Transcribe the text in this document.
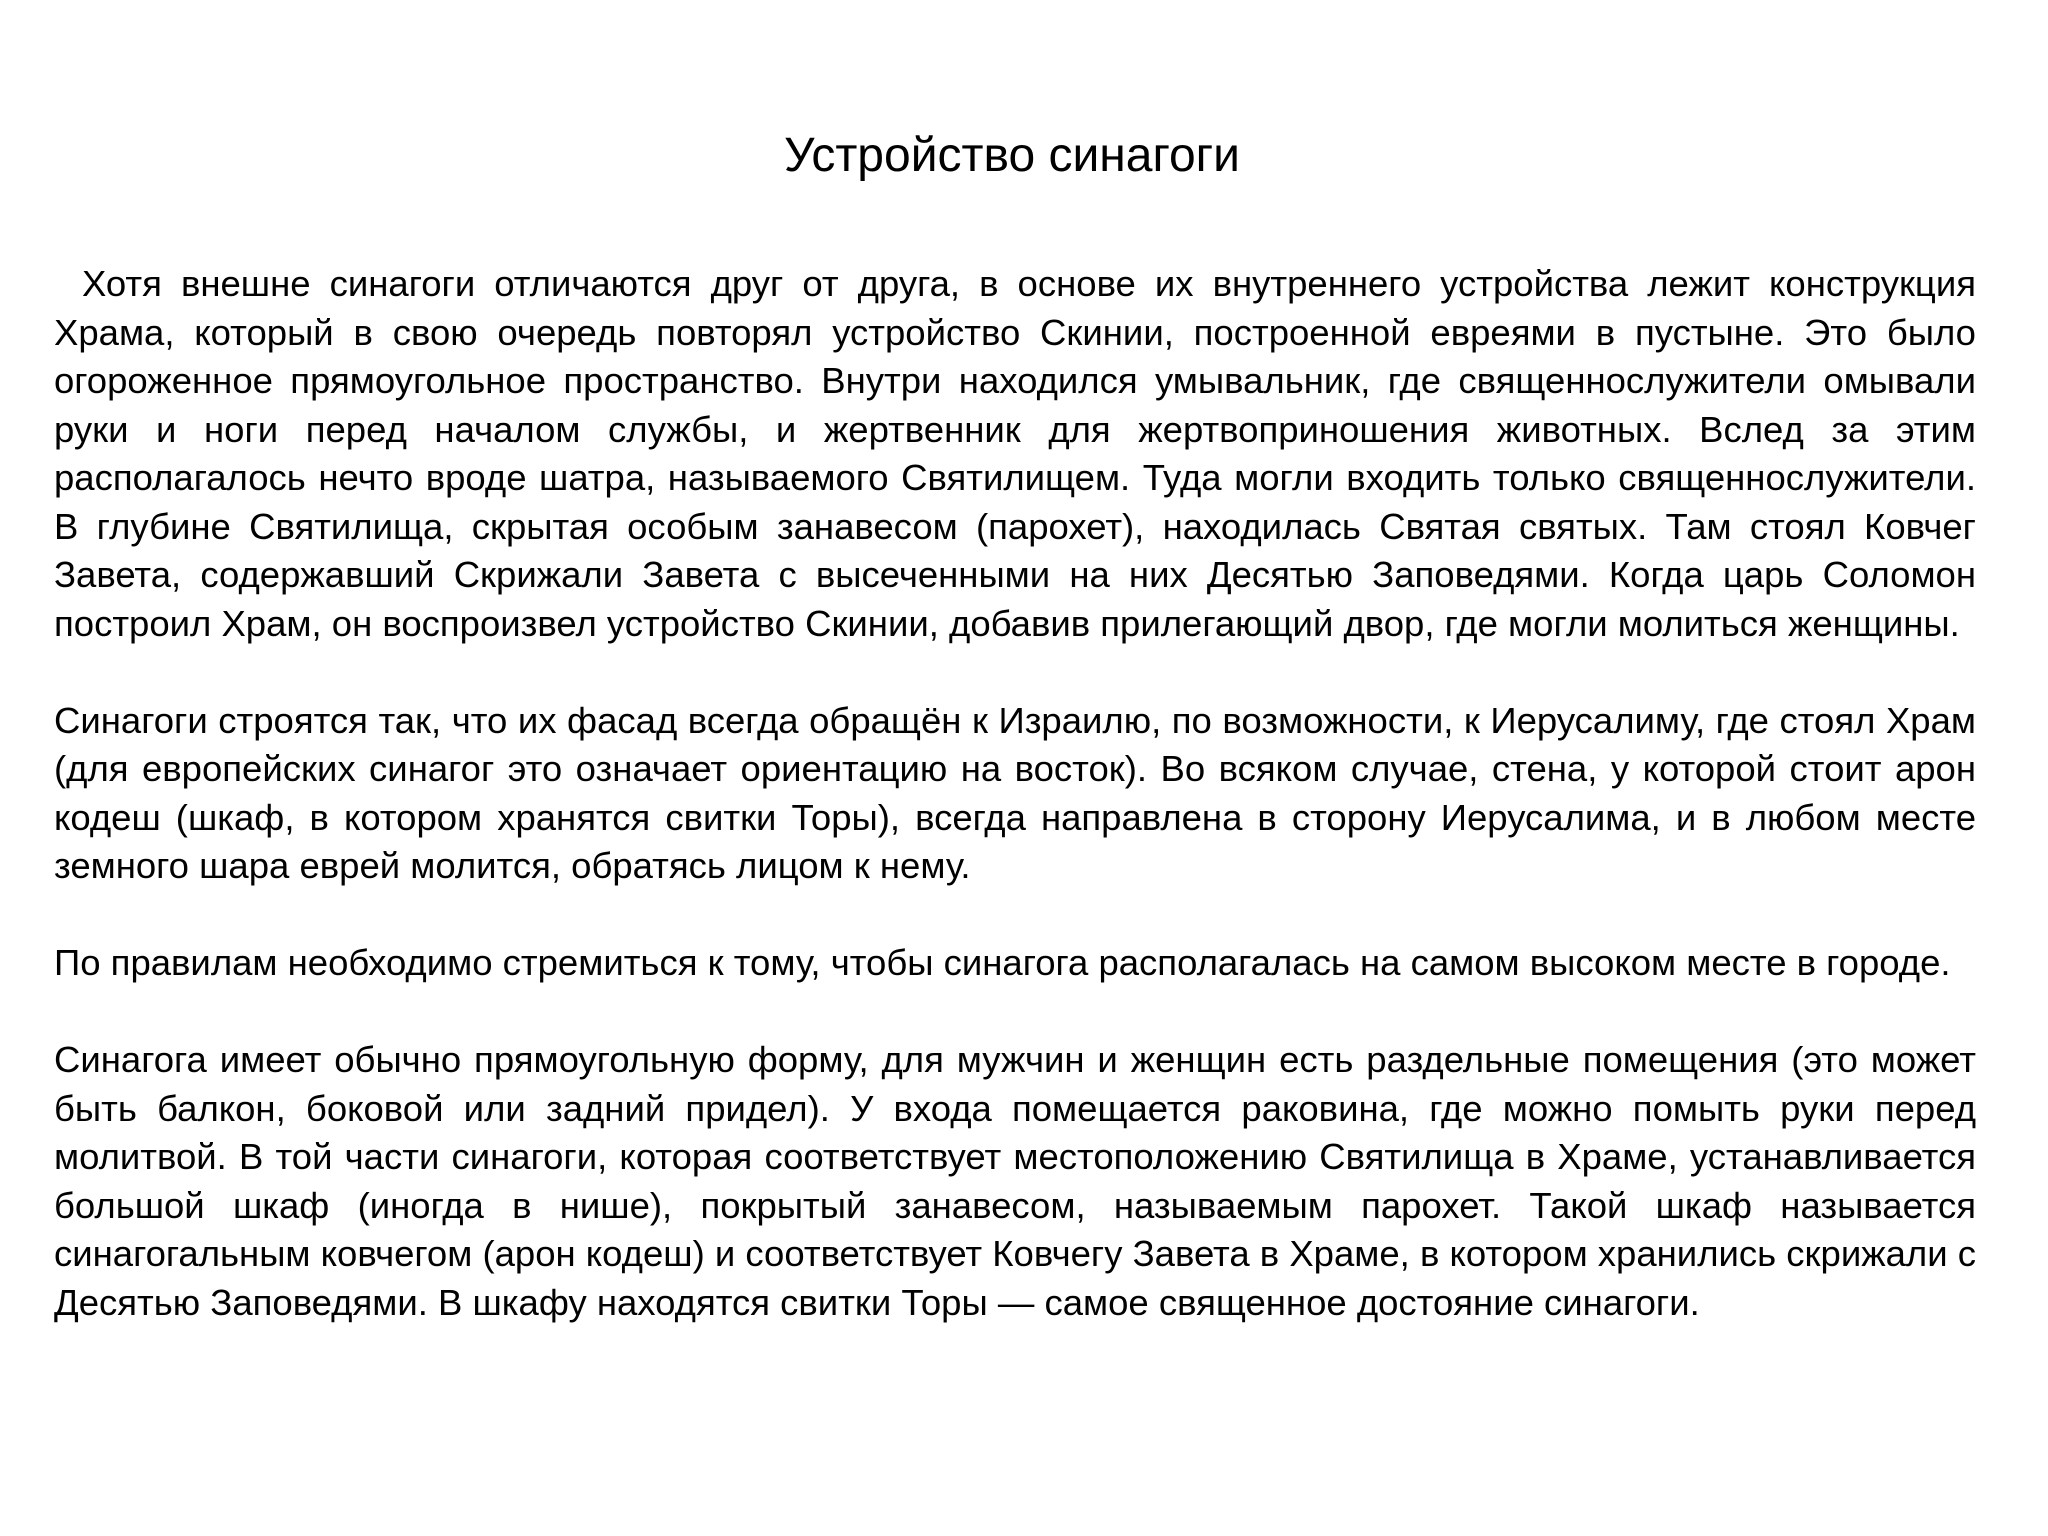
Устройство синагоги

Хотя внешне синагоги отличаются друг от друга, в основе их внутреннего устройства лежит конструкция Храма, который в свою очередь повторял устройство Скинии, построенной евреями в пустыне. Это было огороженное прямоугольное пространство. Внутри находился умывальник, где священнослужители омывали руки и ноги перед началом службы, и жертвенник для жертвоприношения животных. Вслед за этим располагалось нечто вроде шатра, называемого Святилищем. Туда могли входить только священнослужители. В глубине Святилища, скрытая особым занавесом (парохет), находилась Святая святых. Там стоял Ковчег Завета, содержавший Скрижали Завета с высеченными на них Десятью Заповедями. Когда царь Соломон построил Храм, он воспроизвел устройство Скинии, добавив прилегающий двор, где могли молиться женщины.

Синагоги строятся так, что их фасад всегда обращён к Израилю, по возможности, к Иерусалиму, где стоял Храм (для европейских синагог это означает ориентацию на восток). Во всяком случае, стена, у которой стоит арон кодеш (шкаф, в котором хранятся свитки Торы), всегда направлена в сторону Иерусалима, и в любом месте земного шара еврей молится, обратясь лицом к нему.

По правилам необходимо стремиться к тому, чтобы синагога располагалась на самом высоком месте в городе.

Синагога имеет обычно прямоугольную форму, для мужчин и женщин есть раздельные помещения (это может быть балкон, боковой или задний придел). У входа помещается раковина, где можно помыть руки перед молитвой. В той части синагоги, которая соответствует местоположению Святилища в Храме, устанавливается большой шкаф (иногда в нише), покрытый занавесом, называемым парохет. Такой шкаф называется синагогальным ковчегом (арон кодеш) и соответствует Ковчегу Завета в Храме, в котором хранились скрижали с Десятью Заповедями. В шкафу находятся свитки Торы — самое священное достояние синагоги.
